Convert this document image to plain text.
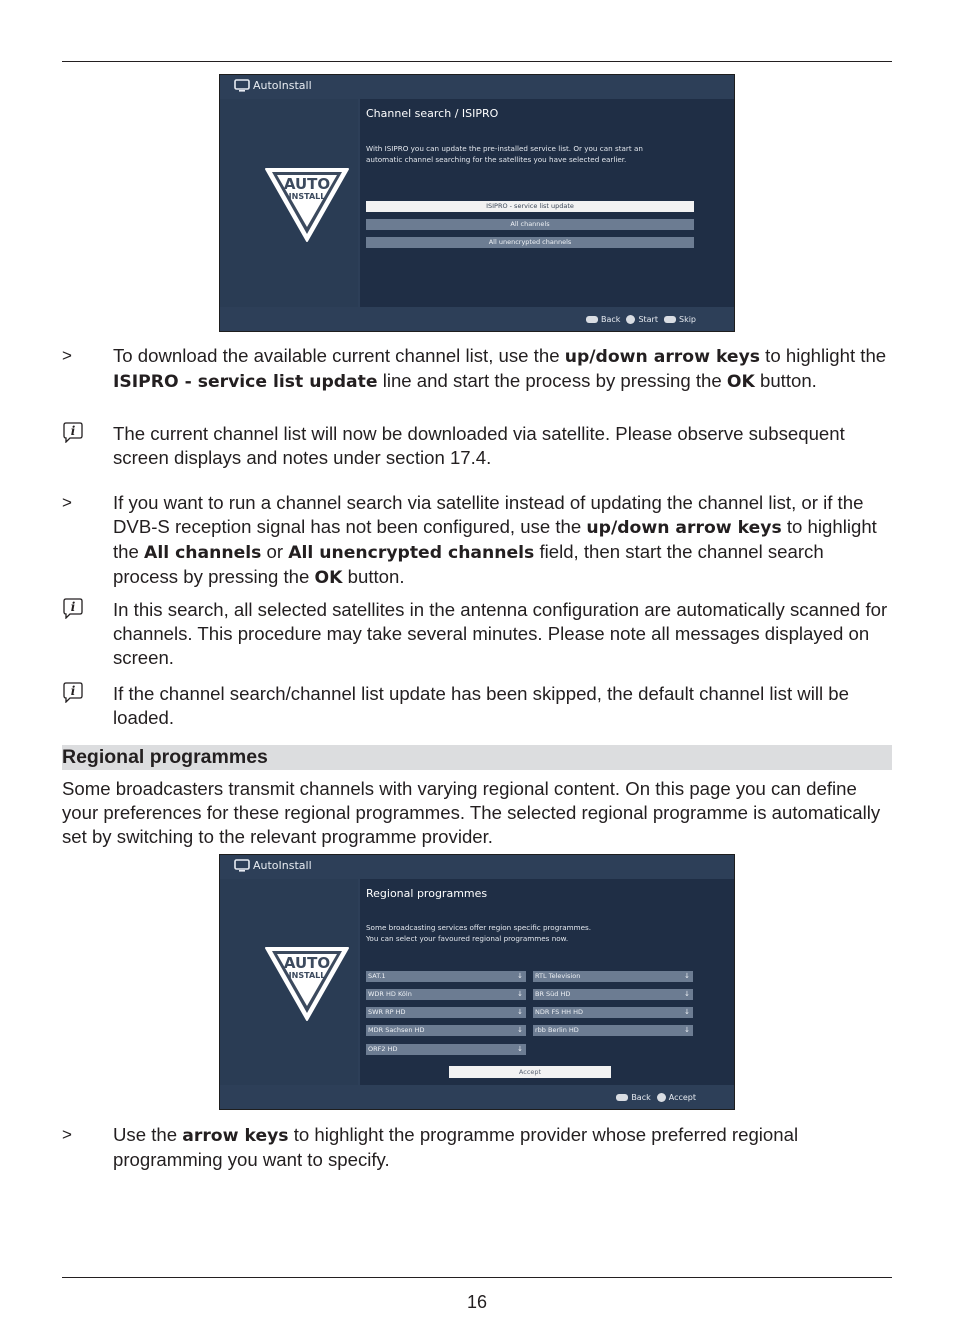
AutoInstall
AUTO
INSTALL
Channel search / ISIPRO
With ISIPRO you can update the pre-installed service list. Or you can start an
automatic channel searching for the satellites you have selected earlier.
ISIPRO - service list update
All channels
All unencrypted channels
Back	Start	Skip
> To download the available current channel list, use the up/down arrow keys to highlight the ISIPRO - service list update line and start the process by pressing the OK button.
i The current channel list will now be downloaded via satellite. Please observe subsequent screen displays and notes under section 17.4.
> If you want to run a channel search via satellite instead of updating the channel list, or if the DVB-S reception signal has not been configured, use the up/down arrow keys to highlight the All channels or All unencrypted channels field, then start the channel search process by pressing the OK button.
i In this search, all selected satellites in the antenna configuration are automatically scanned for channels. This procedure may take several minutes. Please note all messages displayed on screen.
i If the channel search/channel list update has been skipped, the default channel list will be loaded.
Regional programmes
Some broadcasters transmit channels with varying regional content. On this page you can define your preferences for these regional programmes. The selected regional programme is automatically set by switching to the relevant programme provider.
AutoInstall
AUTO
INSTALL
Regional programmes
Some broadcasting services offer region specific programmes.
You can select your favoured regional programmes now.
SAT.1	↓
WDR HD Köln	↓
SWR RP HD	↓
MDR Sachsen HD	↓
ORF2 HD	↓
RTL Television	↓
BR Süd HD	↓
NDR FS HH HD	↓
rbb Berlin HD	↓
Accept
Back	Accept
> Use the arrow keys to highlight the programme provider whose preferred regional programming you want to specify.
16
